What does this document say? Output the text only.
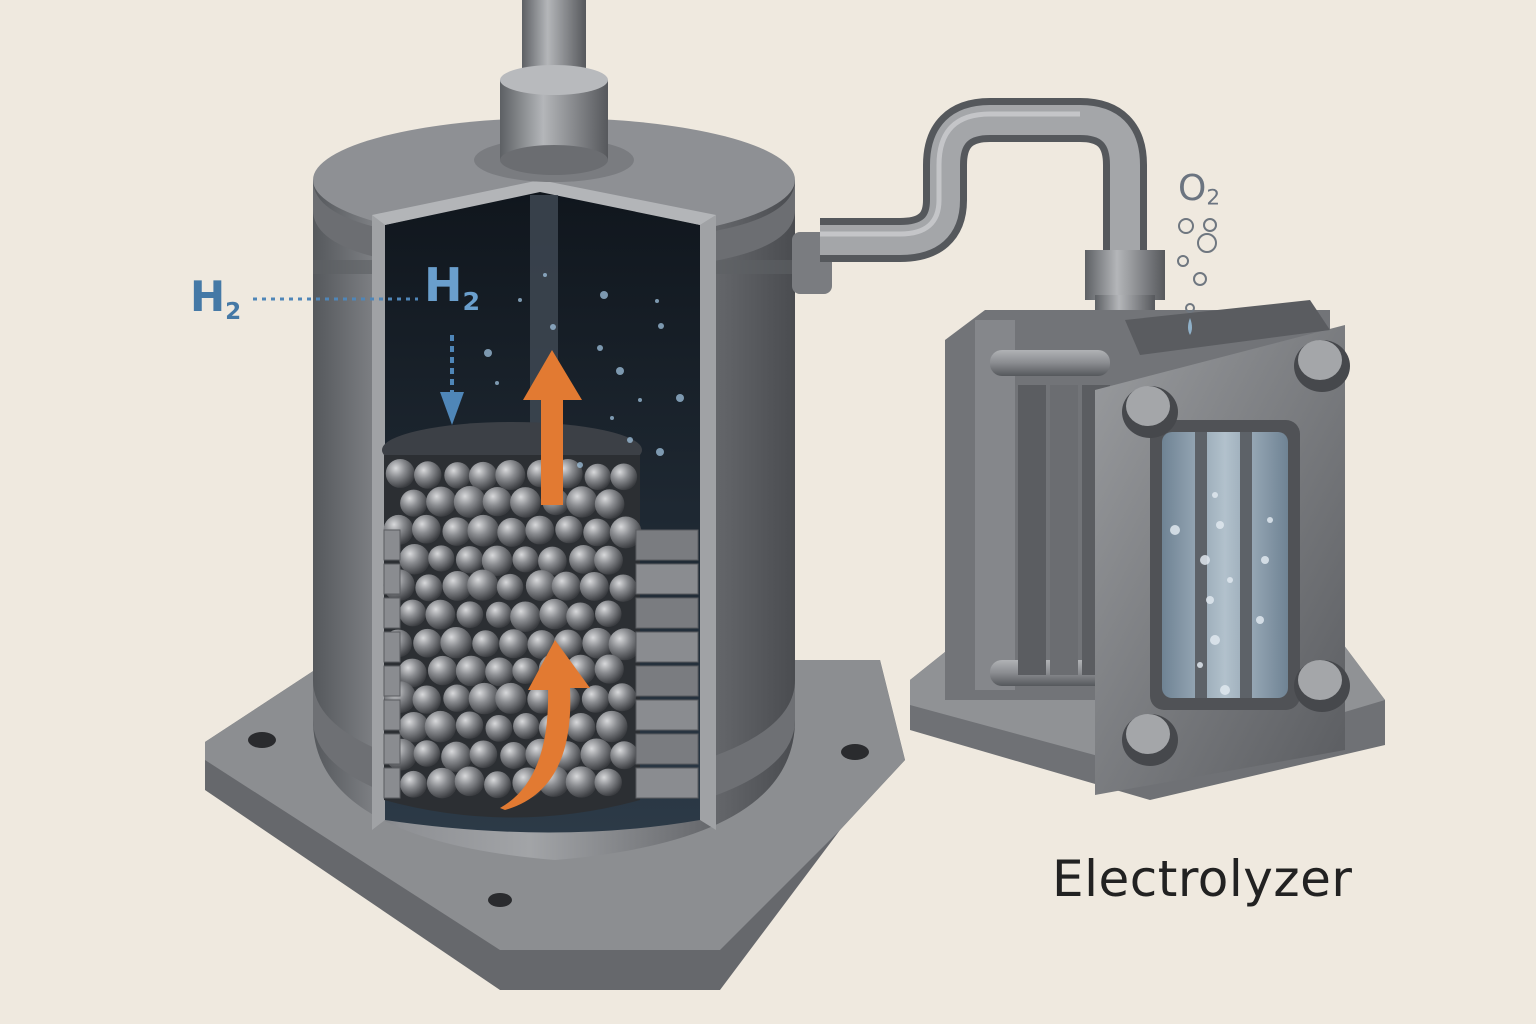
$H_2$
$H_2$
$O_2$
Electrolyzer
